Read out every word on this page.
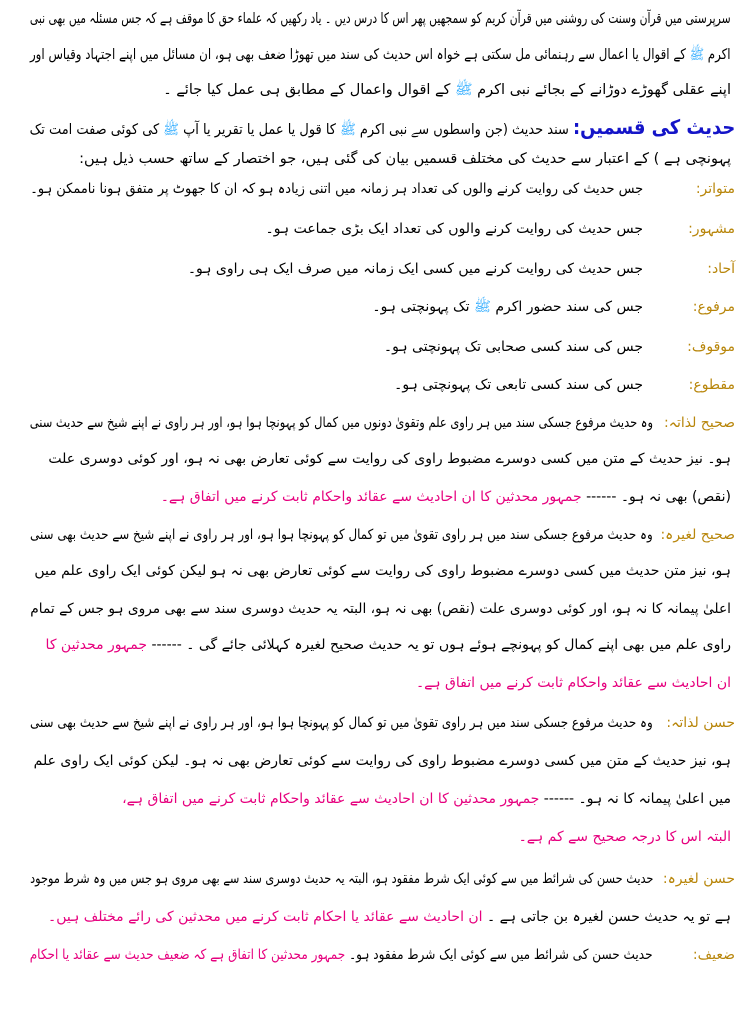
سرپرستی میں قرآن وسنت کی روشنی میں قرآن کریم کو سمجھیں پھر اس کا درس دیں ۔ یاد رکھیں کہ علماء حق کا موقف ہے کہ جس مسئلہ میں بھی نبی
اکرم ﷺ کے اقوال یا اعمال سے رہنمائی مل سکتی ہے خواہ اس حدیث کی سند میں تھوڑا ضعف بھی ہو، ان مسائل میں اپنے اجتہاد وقیاس اور
اپنے عقلی گھوڑے دوڑانے کے بجائے نبی اکرم ﷺ کے اقوال واعمال کے مطابق ہی عمل کیا جائے ۔
حدیث کی قسمیں: سند حدیث (جن واسطوں سے نبی اکرم ﷺ کا قول یا عمل یا تقریر یا آپ ﷺ کی کوئی صفت امت تک
پہونچی ہے ) کے اعتبار سے حدیث کی مختلف قسمیں بیان کی گئی ہیں، جو اختصار کے ساتھ حسب ذیل ہیں:
متواتر:
جس حدیث کی روایت کرنے والوں کی تعداد ہر زمانہ میں اتنی زیادہ ہو کہ ان کا جھوٹ پر متفق ہونا ناممکن ہو۔
مشہور:
جس حدیث کی روایت کرنے والوں کی تعداد ایک بڑی جماعت ہو۔
آحاد:
جس حدیث کی روایت کرنے میں کسی ایک زمانہ میں صرف ایک ہی راوی ہو۔
مرفوع:
جس کی سند حضور اکرم ﷺ تک پہونچتی ہو۔
موقوف:
جس کی سند کسی صحابی تک پہونچتی ہو۔
مقطوع:
جس کی سند کسی تابعی تک پہونچتی ہو۔
صحیح لذاتہ:
وہ حدیث مرفوع جسکی سند میں ہر راوی علم وتقویٰ دونوں میں کمال کو پہونچا ہوا ہو، اور ہر راوی نے اپنے شیخ سے حدیث سنی
ہو۔ نیز حدیث کے متن میں کسی دوسرے مضبوط راوی کی روایت سے کوئی تعارض بھی نہ ہو، اور کوئی دوسری علت
(نقص) بھی نہ ہو۔ ------ جمہور محدثین کا ان احادیث سے عقائد واحکام ثابت کرنے میں اتفاق ہے۔
صحیح لغیرہ:
وہ حدیث مرفوع جسکی سند میں ہر راوی تقویٰ میں تو کمال کو پہونچا ہوا ہو، اور ہر راوی نے اپنے شیخ سے حدیث بھی سنی
ہو، نیز متن حدیث میں کسی دوسرے مضبوط راوی کی روایت سے کوئی تعارض بھی نہ ہو لیکن کوئی ایک راوی علم میں
اعلیٰ پیمانہ کا نہ ہو، اور کوئی دوسری علت (نقص) بھی نہ ہو، البتہ یہ حدیث دوسری سند سے بھی مروی ہو جس کے تمام
راوی علم میں بھی اپنے کمال کو پہونچے ہوئے ہوں تو یہ حدیث صحیح لغیرہ کہلائی جائے گی ۔ ------ جمہور محدثین کا
ان احادیث سے عقائد واحکام ثابت کرنے میں اتفاق ہے۔
حسن لذاتہ:
وہ حدیث مرفوع جسکی سند میں ہر راوی تقویٰ میں تو کمال کو پہونچا ہوا ہو، اور ہر راوی نے اپنے شیخ سے حدیث بھی سنی
ہو، نیز حدیث کے متن میں کسی دوسرے مضبوط راوی کی روایت سے کوئی تعارض بھی نہ ہو۔ لیکن کوئی ایک راوی علم
میں اعلیٰ پیمانہ کا نہ ہو۔ ------ جمہور محدثین کا ان احادیث سے عقائد واحکام ثابت کرنے میں اتفاق ہے،
البتہ اس کا درجہ صحیح سے کم ہے۔
حسن لغیرہ:
حدیث حسن کی شرائط میں سے کوئی ایک شرط مفقود ہو، البتہ یہ حدیث دوسری سند سے بھی مروی ہو جس میں وہ شرط موجود
ہے تو یہ حدیث حسن لغیرہ بن جاتی ہے ۔ ان احادیث سے عقائد یا احکام ثابت کرنے میں محدثین کی رائے مختلف ہیں۔
ضعیف:
حدیث حسن کی شرائط میں سے کوئی ایک شرط مفقود ہو۔ جمہور محدثین کا اتفاق ہے کہ ضعیف حدیث سے عقائد یا احکام
